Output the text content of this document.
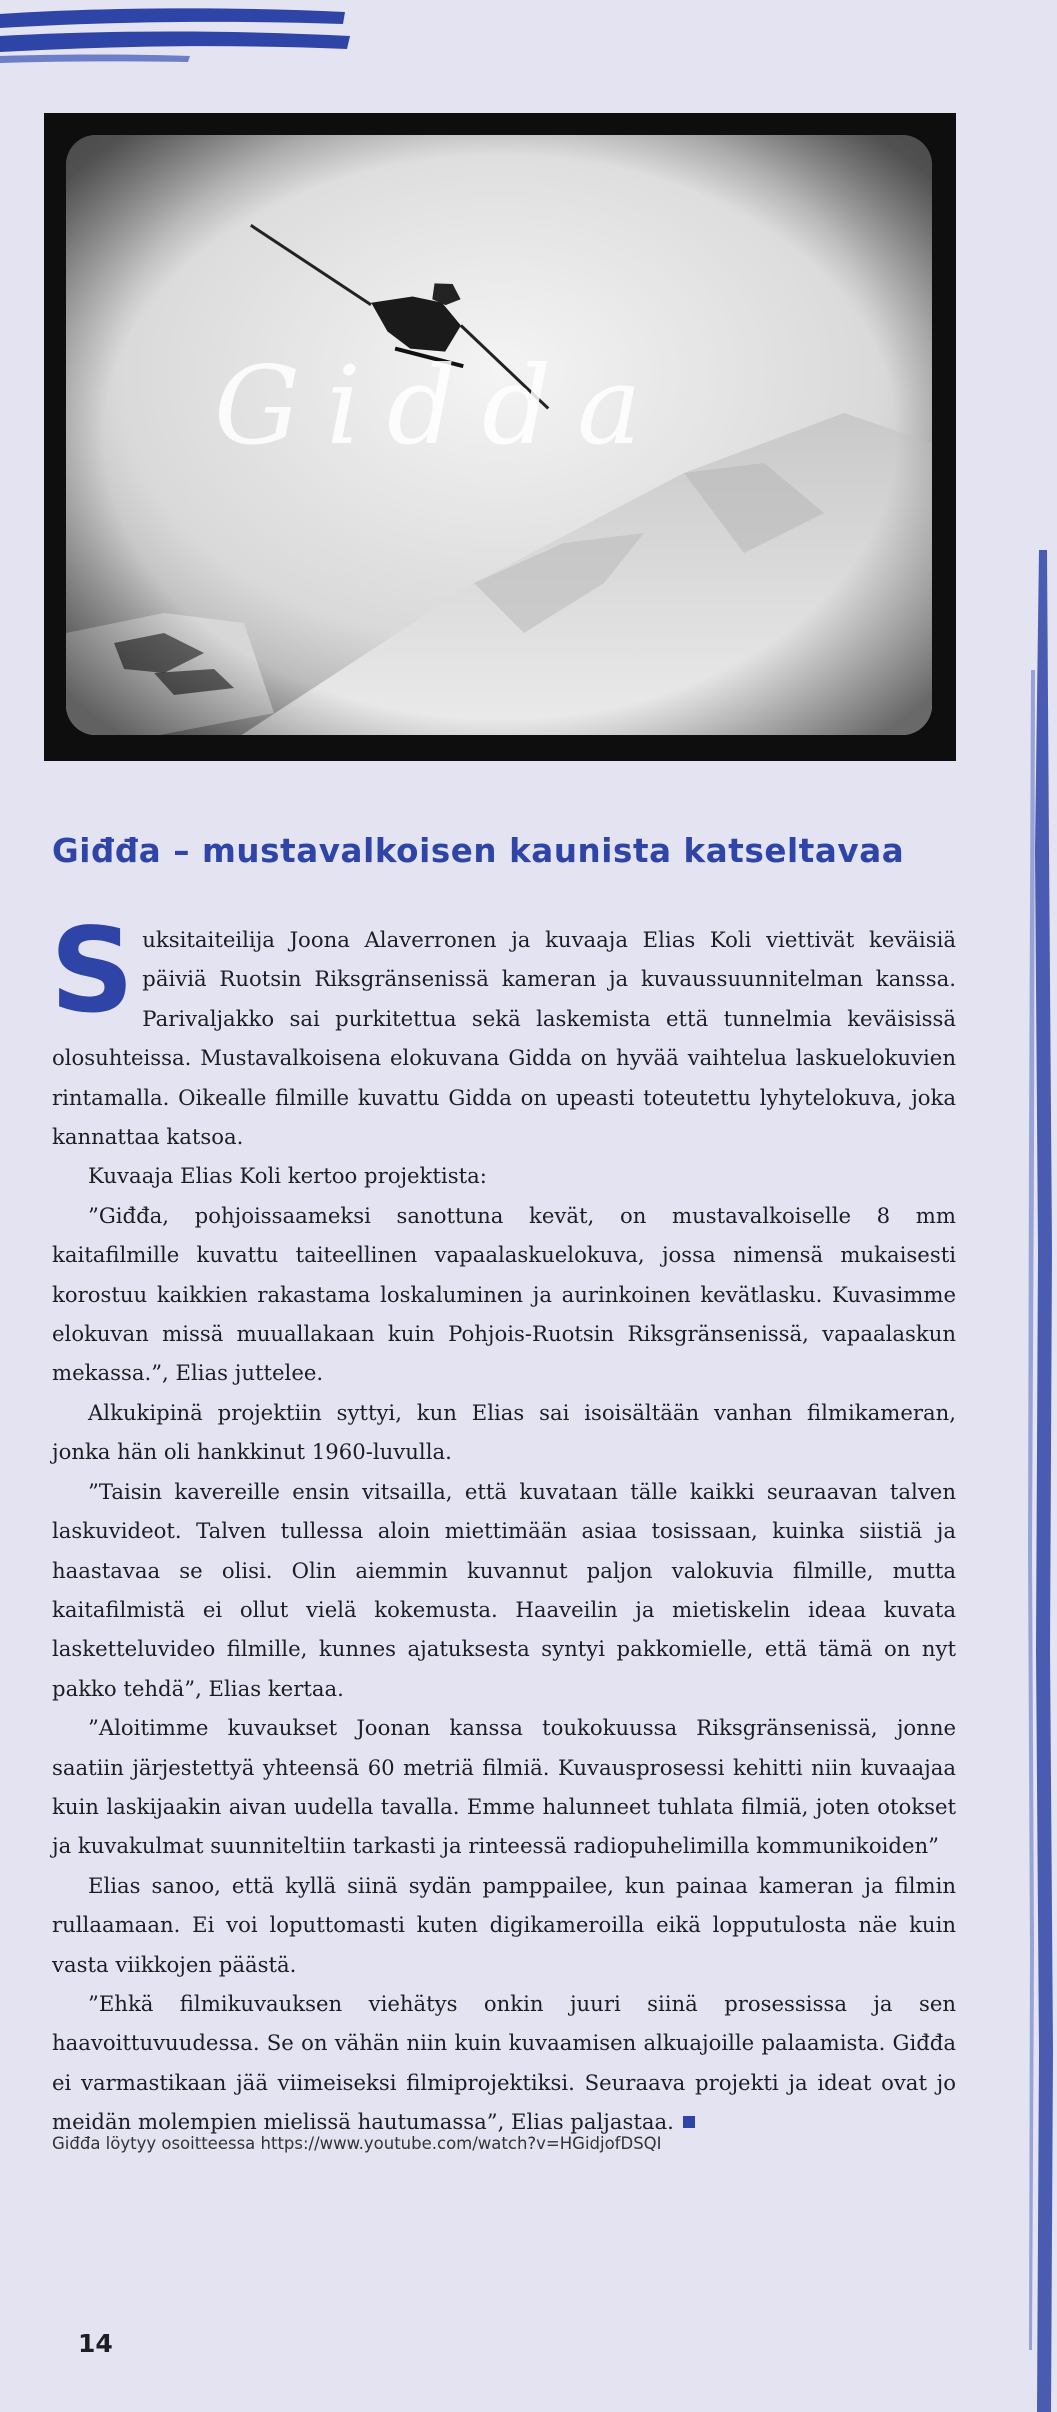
Giđđa – mustavalkoisen kaunista katseltavaa

Suksitaiteilija Joona Alaverronen ja kuvaaja Elias Koli viettivät keväisiä päiviä Ruotsin Riksgränsenissä kameran ja kuvaussuunnitelman kanssa. Parivaljakko sai purkitettua sekä laskemista että tunnelmia keväisissä olosuhteissa. Mustavalkoisena elokuvana Gidda on hyvää vaihtelua laskuelokuvien rintamalla. Oikealle filmille kuvattu Gidda on upeasti toteutettu lyhytelokuva, joka kannattaa katsoa.

Kuvaaja Elias Koli kertoo projektista:

”Giđđa, pohjoissaameksi sanottuna kevät, on mustavalkoiselle 8 mm kaitafilmille kuvattu taiteellinen vapaalaskuelokuva, jossa nimensä mukaisesti korostuu kaikkien rakastama loskaluminen ja aurinkoinen kevätlasku. Kuvasimme elokuvan missä muuallakaan kuin Pohjois-Ruotsin Riksgränsenissä, vapaalaskun mekassa.”, Elias juttelee.

Alkukipinä projektiin syttyi, kun Elias sai isoisältään vanhan filmikameran, jonka hän oli hankkinut 1960-luvulla.

”Taisin kavereille ensin vitsailla, että kuvataan tälle kaikki seuraavan talven laskuvideot. Talven tullessa aloin miettimään asiaa tosissaan, kuinka siistiä ja haastavaa se olisi. Olin aiemmin kuvannut paljon valokuvia filmille, mutta kaitafilmistä ei ollut vielä kokemusta. Haaveilin ja mietiskelin ideaa kuvata lasketteluvideo filmille, kunnes ajatuksesta syntyi pakkomielle, että tämä on nyt pakko tehdä”, Elias kertaa.

”Aloitimme kuvaukset Joonan kanssa toukokuussa Riksgränsenissä, jonne saatiin järjestettyä yhteensä 60 metriä filmiä. Kuvausprosessi kehitti niin kuvaajaa kuin laskijaakin aivan uudella tavalla. Emme halunneet tuhlata filmiä, joten otokset ja kuvakulmat suunniteltiin tarkasti ja rinteessä radiopuhelimilla kommunikoiden”

Elias sanoo, että kyllä siinä sydän pamppailee, kun painaa kameran ja filmin rullaamaan. Ei voi loputtomasti kuten digikameroilla eikä lopputulosta näe kuin vasta viikkojen päästä.

”Ehkä filmikuvauksen viehätys onkin juuri siinä prosessissa ja sen haavoittuvuudessa. Se on vähän niin kuin kuvaamisen alkuajoille palaamista. Giđđa ei varmastikaan jää viimeiseksi filmiprojektiksi. Seuraava projekti ja ideat ovat jo meidän molempien mielissä hautumassa”, Elias paljastaa.

Giđđa löytyy osoitteessa https://www.youtube.com/watch?v=HGidjofDSQI
14
